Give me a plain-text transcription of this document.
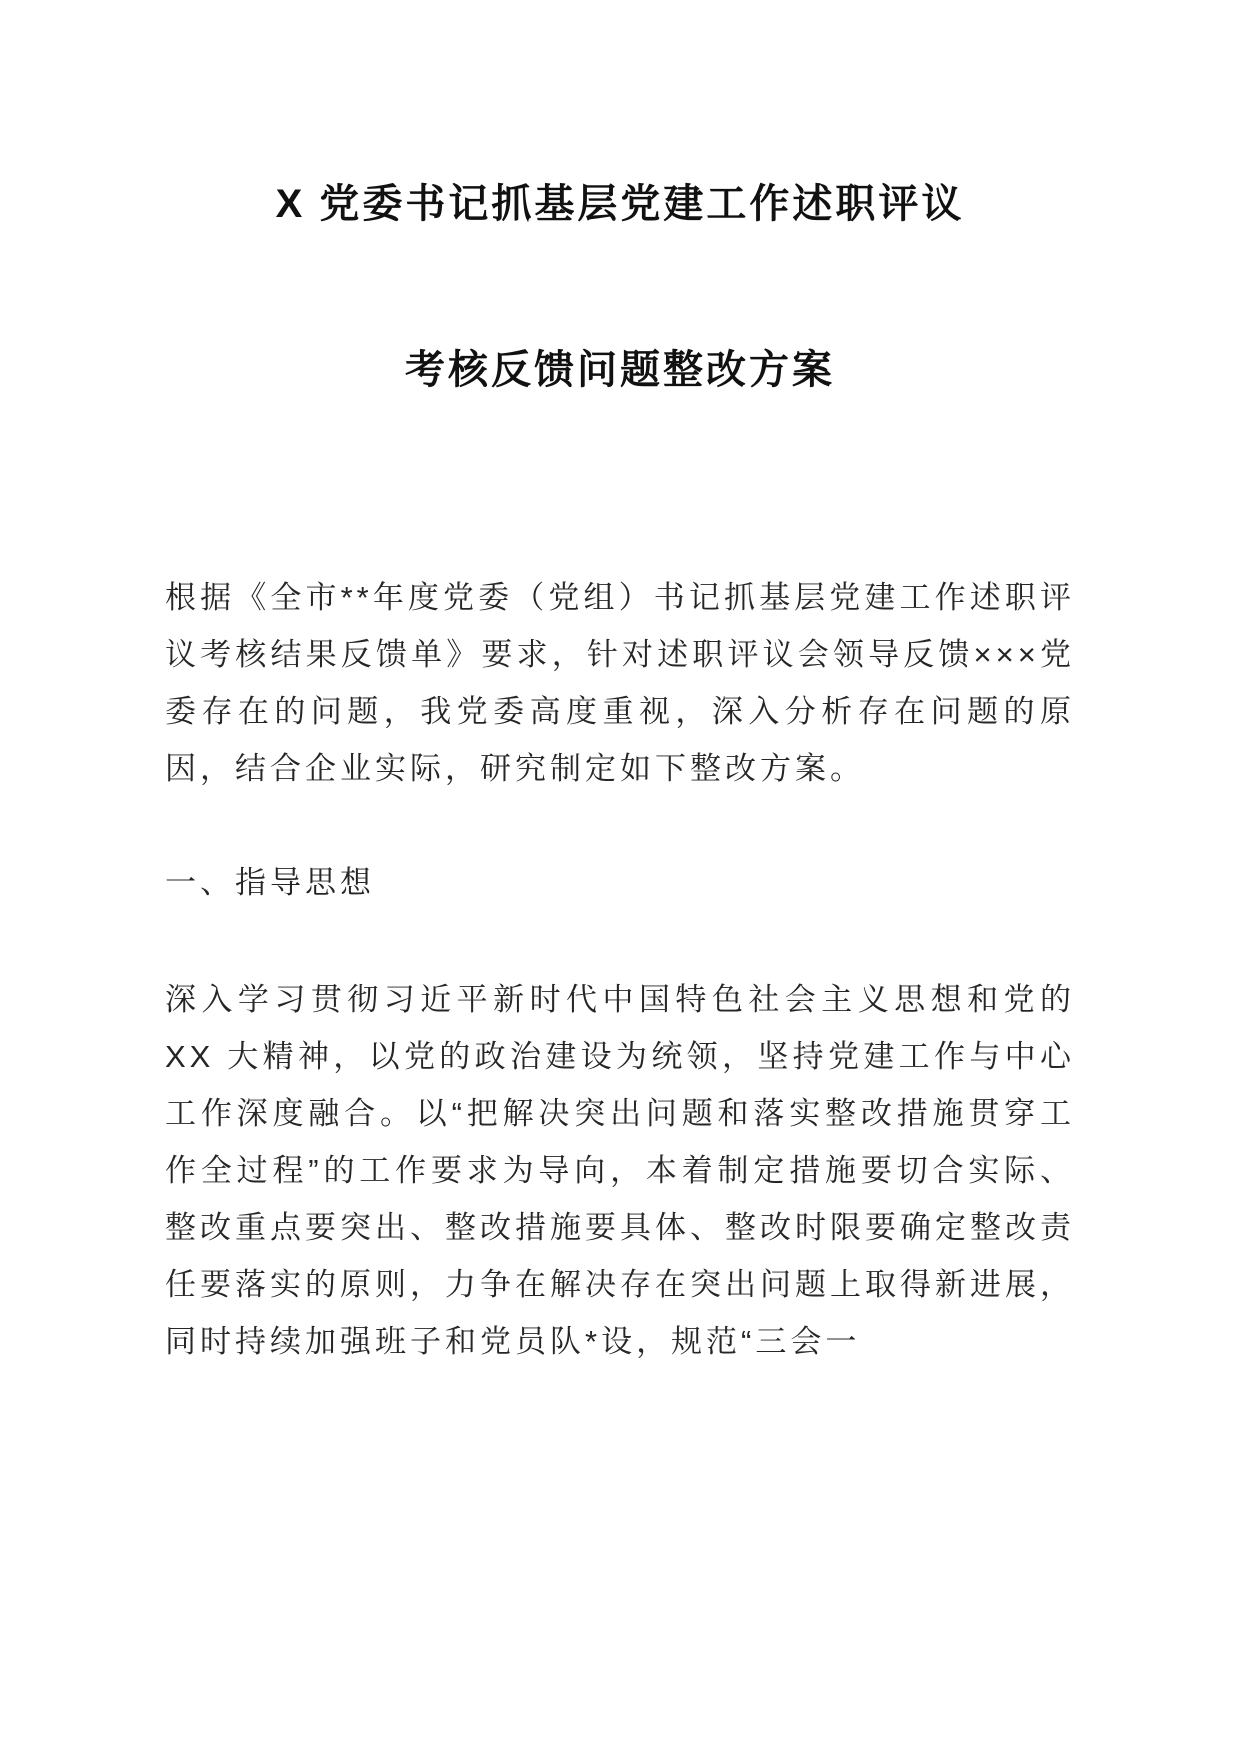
X 党委书记抓基层党建工作述职评议
考核反馈问题整改方案

根据《全市**年度党委（党组）书记抓基层党建工作述职评议考核结果反馈单》要求，针对述职评议会领导反馈×××党委存在的问题，我党委高度重视，深入分析存在问题的原因，结合企业实际，研究制定如下整改方案。

一、指导思想

深入学习贯彻习近平新时代中国特色社会主义思想和党的XX 大精神，以党的政治建设为统领，坚持党建工作与中心工作深度融合。以“把解决突出问题和落实整改措施贯穿工作全过程”的工作要求为导向，本着制定措施要切合实际、整改重点要突出、整改措施要具体、整改时限要确定整改责任要落实的原则，力争在解决存在突出问题上取得新进展，同时持续加强班子和党员队*设，规范“三会一
